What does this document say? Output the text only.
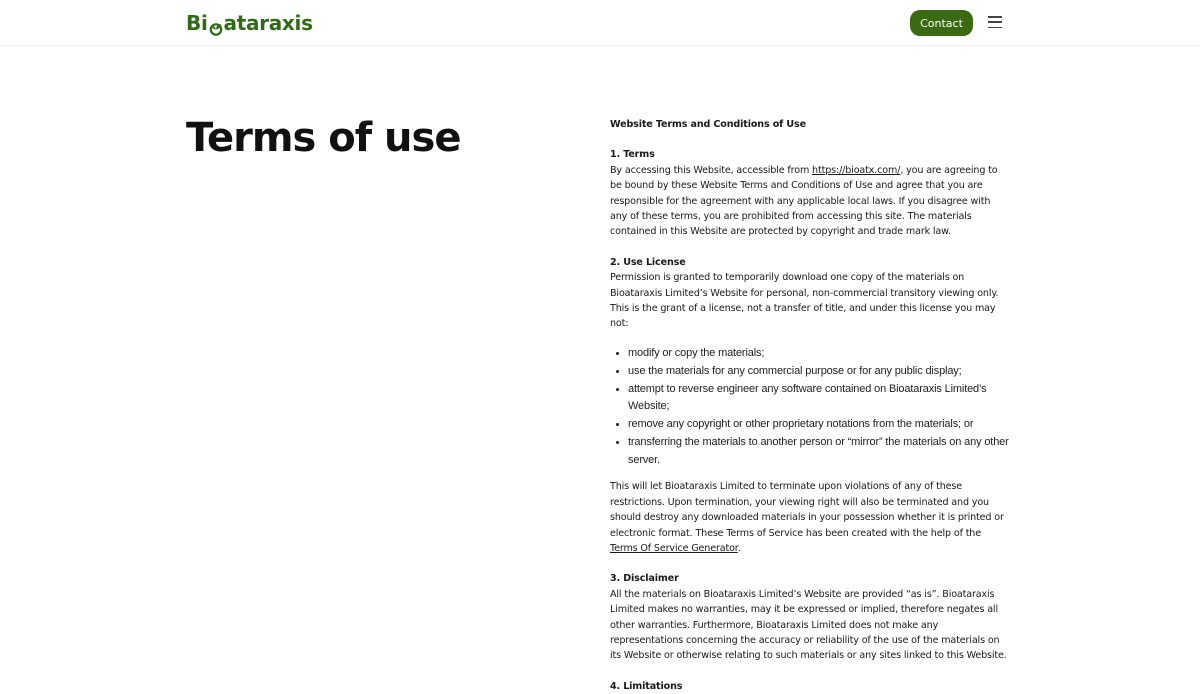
Bi ataraxis	Contact
Terms of use	Website Terms and Conditions of Use
1. Terms

By accessing this Website, accessible from https://bioatx.com/, you are agreeing to be bound by these Website Terms and Conditions of Use and agree that you are responsible for the agreement with any applicable local laws. If you disagree with any of these terms, you are prohibited from accessing this site. The materials contained in this Website are protected by copyright and trade mark law.

2. Use License

Permission is granted to temporarily download one copy of the materials on Bioataraxis Limited’s Website for personal, non-commercial transitory viewing only. This is the grant of a license, not a transfer of title, and under this license you may not:

• modify or copy the materials;
• use the materials for any commercial purpose or for any public display;
• attempt to reverse engineer any software contained on Bioataraxis Limited’s Website;
• remove any copyright or other proprietary notations from the materials; or
• transferring the materials to another person or “mirror” the materials on any other server.

This will let Bioataraxis Limited to terminate upon violations of any of these restrictions. Upon termination, your viewing right will also be terminated and you should destroy any downloaded materials in your possession whether it is printed or electronic format. These Terms of Service has been created with the help of the Terms Of Service Generator.

3. Disclaimer

All the materials on Bioataraxis Limited’s Website are provided “as is”. Bioataraxis Limited makes no warranties, may it be expressed or implied, therefore negates all other warranties. Furthermore, Bioataraxis Limited does not make any representations concerning the accuracy or reliability of the use of the materials on its Website or otherwise relating to such materials or any sites linked to this Website.

4. Limitations
